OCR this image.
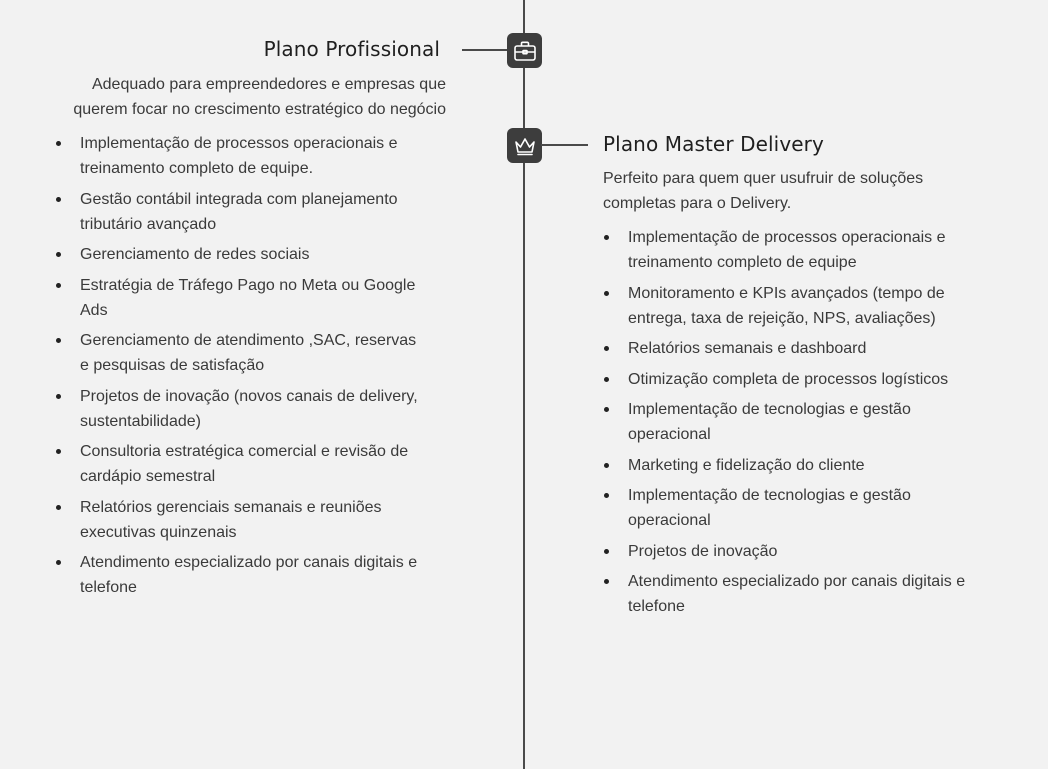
Plano Profissional

Adequado para empreendedores e empresas que querem focar no crescimento estratégico do negócio

Implementação de processos operacionais e treinamento completo de equipe.
Gestão contábil integrada com planejamento tributário avançado
Gerenciamento de redes sociais
Estratégia de Tráfego Pago no Meta ou Google Ads
Gerenciamento de atendimento ,SAC, reservas e pesquisas de satisfação
Projetos de inovação (novos canais de delivery, sustentabilidade)
Consultoria estratégica comercial e revisão de cardápio semestral
Relatórios gerenciais semanais e reuniões executivas quinzenais
Atendimento especializado por canais digitais e telefone
Plano Master Delivery

Perfeito para quem quer usufruir de soluções completas para o Delivery.

Implementação de processos operacionais e treinamento completo de equipe
Monitoramento e KPIs avançados (tempo de entrega, taxa de rejeição, NPS, avaliações)
Relatórios semanais e dashboard
Otimização completa de processos logísticos
Implementação de tecnologias e gestão operacional
Marketing e fidelização do cliente
Implementação de tecnologias e gestão operacional
Projetos de inovação
Atendimento especializado por canais digitais e telefone
